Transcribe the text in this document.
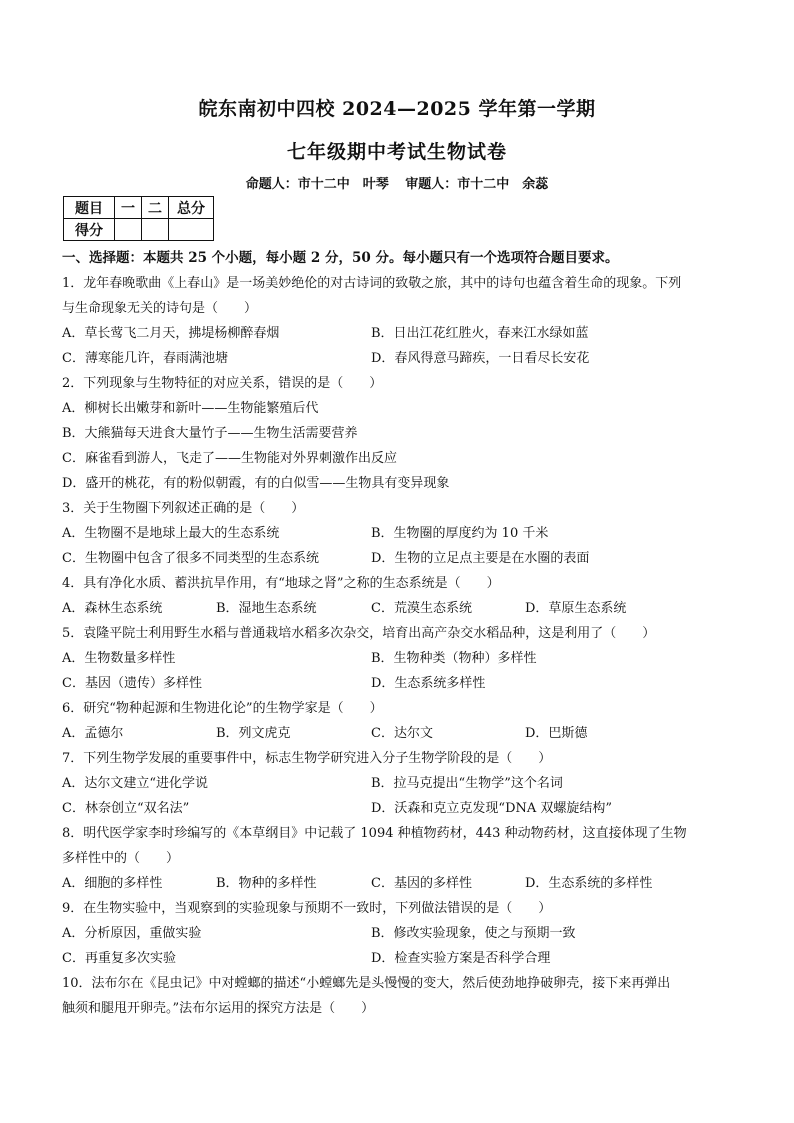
皖东南初中四校 2024—2025 学年第一学期
七年级期中考试生物试卷
命题人：市十二中　叶琴 审题人：市十二中　余蕊
题目	一	二	总分
得分			
一、选择题：本题共 25 个小题，每小题 2 分，50 分。每小题只有一个选项符合题目要求。
1．龙年春晚歌曲《上春山》是一场美妙绝伦的对古诗词的致敬之旅，其中的诗句也蕴含着生命的现象。下列
与生命现象无关的诗句是（　　）
A．草长莺飞二月天，拂堤杨柳醉春烟	B．日出江花红胜火，春来江水绿如蓝
C．薄寒能几许，春雨满池塘	D．春风得意马蹄疾，一日看尽长安花
2．下列现象与生物特征的对应关系，错误的是（　　）
A．柳树长出嫩芽和新叶——生物能繁殖后代
B．大熊猫每天进食大量竹子——生物生活需要营养
C．麻雀看到游人，飞走了——生物能对外界刺激作出反应
D．盛开的桃花，有的粉似朝霞，有的白似雪——生物具有变异现象
3．关于生物圈下列叙述正确的是（　　）
A．生物圈不是地球上最大的生态系统	B．生物圈的厚度约为 10 千米
C．生物圈中包含了很多不同类型的生态系统	D．生物的立足点主要是在水圈的表面
4．具有净化水质、蓄洪抗旱作用，有“地球之肾”之称的生态系统是（　　）
A．森林生态系统	B．湿地生态系统	C．荒漠生态系统	D．草原生态系统
5．袁隆平院士利用野生水稻与普通栽培水稻多次杂交，培育出高产杂交水稻品种，这是利用了（　　）
A．生物数量多样性	B．生物种类（物种）多样性
C．基因（遗传）多样性	D．生态系统多样性
6．研究“物种起源和生物进化论”的生物学家是（　　）
A．孟德尔	B．列文虎克	C．达尔文	D．巴斯德
7．下列生物学发展的重要事件中，标志生物学研究进入分子生物学阶段的是（　　）
A．达尔文建立“进化学说	B．拉马克提出“生物学”这个名词
C．林奈创立“双名法”	D．沃森和克立克发现“DNA 双螺旋结构”
8．明代医学家李时珍编写的《本草纲目》中记载了 1094 种植物药材，443 种动物药材，这直接体现了生物
多样性中的（　　）
A．细胞的多样性	B．物种的多样性	C．基因的多样性	D．生态系统的多样性
9．在生物实验中，当观察到的实验现象与预期不一致时，下列做法错误的是（　　）
A．分析原因，重做实验	B．修改实验现象，使之与预期一致
C．再重复多次实验	D．检查实验方案是否科学合理
10．法布尔在《昆虫记》中对螳螂的描述“小螳螂先是头慢慢的变大，然后使劲地挣破卵壳，接下来再弹出
触须和腿甩开卵壳。”法布尔运用的探究方法是（　　）
